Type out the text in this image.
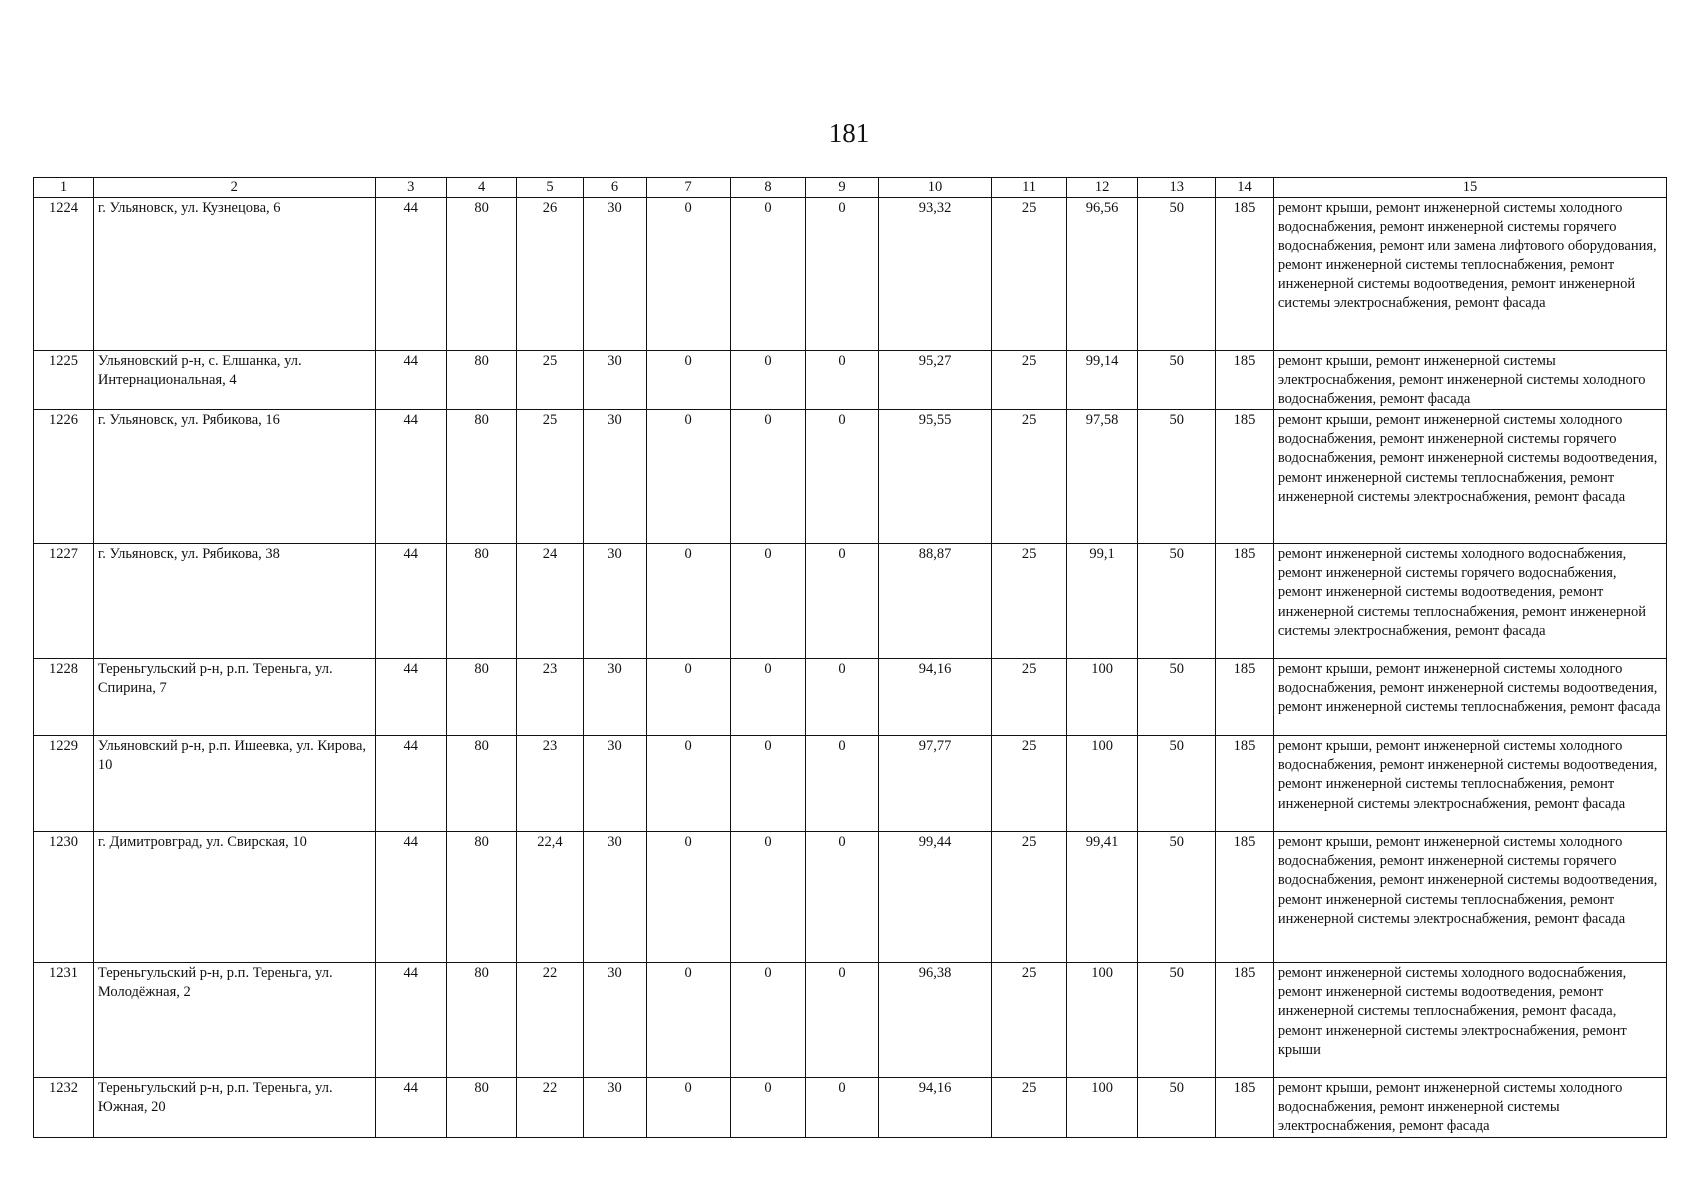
181
1	2	3	4	5	6	7	8	9	10	11	12	13	14	15
1224	г. Ульяновск, ул. Кузнецова, 6	44	80	26	30	0	0	0	93,32	25	96,56	50	185	ремонт крыши, ремонт инженерной системы холодного водоснабжения, ремонт инженерной системы горячего водоснабжения, ремонт или замена лифтового оборудования, ремонт инженерной системы теплоснабжения, ремонт инженерной системы водоотведения, ремонт инженерной системы электроснабжения, ремонт фасада
1225	Ульяновский р-н, с. Елшанка, ул. Интернациональная, 4	44	80	25	30	0	0	0	95,27	25	99,14	50	185	ремонт крыши, ремонт инженерной системы электроснабжения, ремонт инженерной системы холодного водоснабжения, ремонт фасада
1226	г. Ульяновск, ул. Рябикова, 16	44	80	25	30	0	0	0	95,55	25	97,58	50	185	ремонт крыши, ремонт инженерной системы холодного водоснабжения, ремонт инженерной системы горячего водоснабжения, ремонт инженерной системы водоотведения, ремонт инженерной системы теплоснабжения, ремонт инженерной системы электроснабжения, ремонт фасада
1227	г. Ульяновск, ул. Рябикова, 38	44	80	24	30	0	0	0	88,87	25	99,1	50	185	ремонт инженерной системы холодного водоснабжения, ремонт инженерной системы горячего водоснабжения, ремонт инженерной системы водоотведения, ремонт инженерной системы теплоснабжения, ремонт инженерной системы электроснабжения, ремонт фасада
1228	Тереньгульский р-н, р.п. Тереньга, ул. Спирина, 7	44	80	23	30	0	0	0	94,16	25	100	50	185	ремонт крыши, ремонт инженерной системы холодного водоснабжения, ремонт инженерной системы водоотведения, ремонт инженерной системы теплоснабжения, ремонт фасада
1229	Ульяновский р-н, р.п. Ишеевка, ул. Кирова, 10	44	80	23	30	0	0	0	97,77	25	100	50	185	ремонт крыши, ремонт инженерной системы холодного водоснабжения, ремонт инженерной системы водоотведения, ремонт инженерной системы теплоснабжения, ремонт инженерной системы электроснабжения, ремонт фасада
1230	г. Димитровград, ул. Свирская, 10	44	80	22,4	30	0	0	0	99,44	25	99,41	50	185	ремонт крыши, ремонт инженерной системы холодного водоснабжения, ремонт инженерной системы горячего водоснабжения, ремонт инженерной системы водоотведения, ремонт инженерной системы теплоснабжения, ремонт инженерной системы электроснабжения, ремонт фасада
1231	Тереньгульский р-н, р.п. Тереньга, ул. Молодёжная, 2	44	80	22	30	0	0	0	96,38	25	100	50	185	ремонт инженерной системы холодного водоснабжения, ремонт инженерной системы водоотведения, ремонт инженерной системы теплоснабжения, ремонт фасада, ремонт инженерной системы электроснабжения, ремонт крыши
1232	Тереньгульский р-н, р.п. Тереньга, ул. Южная, 20	44	80	22	30	0	0	0	94,16	25	100	50	185	ремонт крыши, ремонт инженерной системы холодного водоснабжения, ремонт инженерной системы электроснабжения, ремонт фасада
